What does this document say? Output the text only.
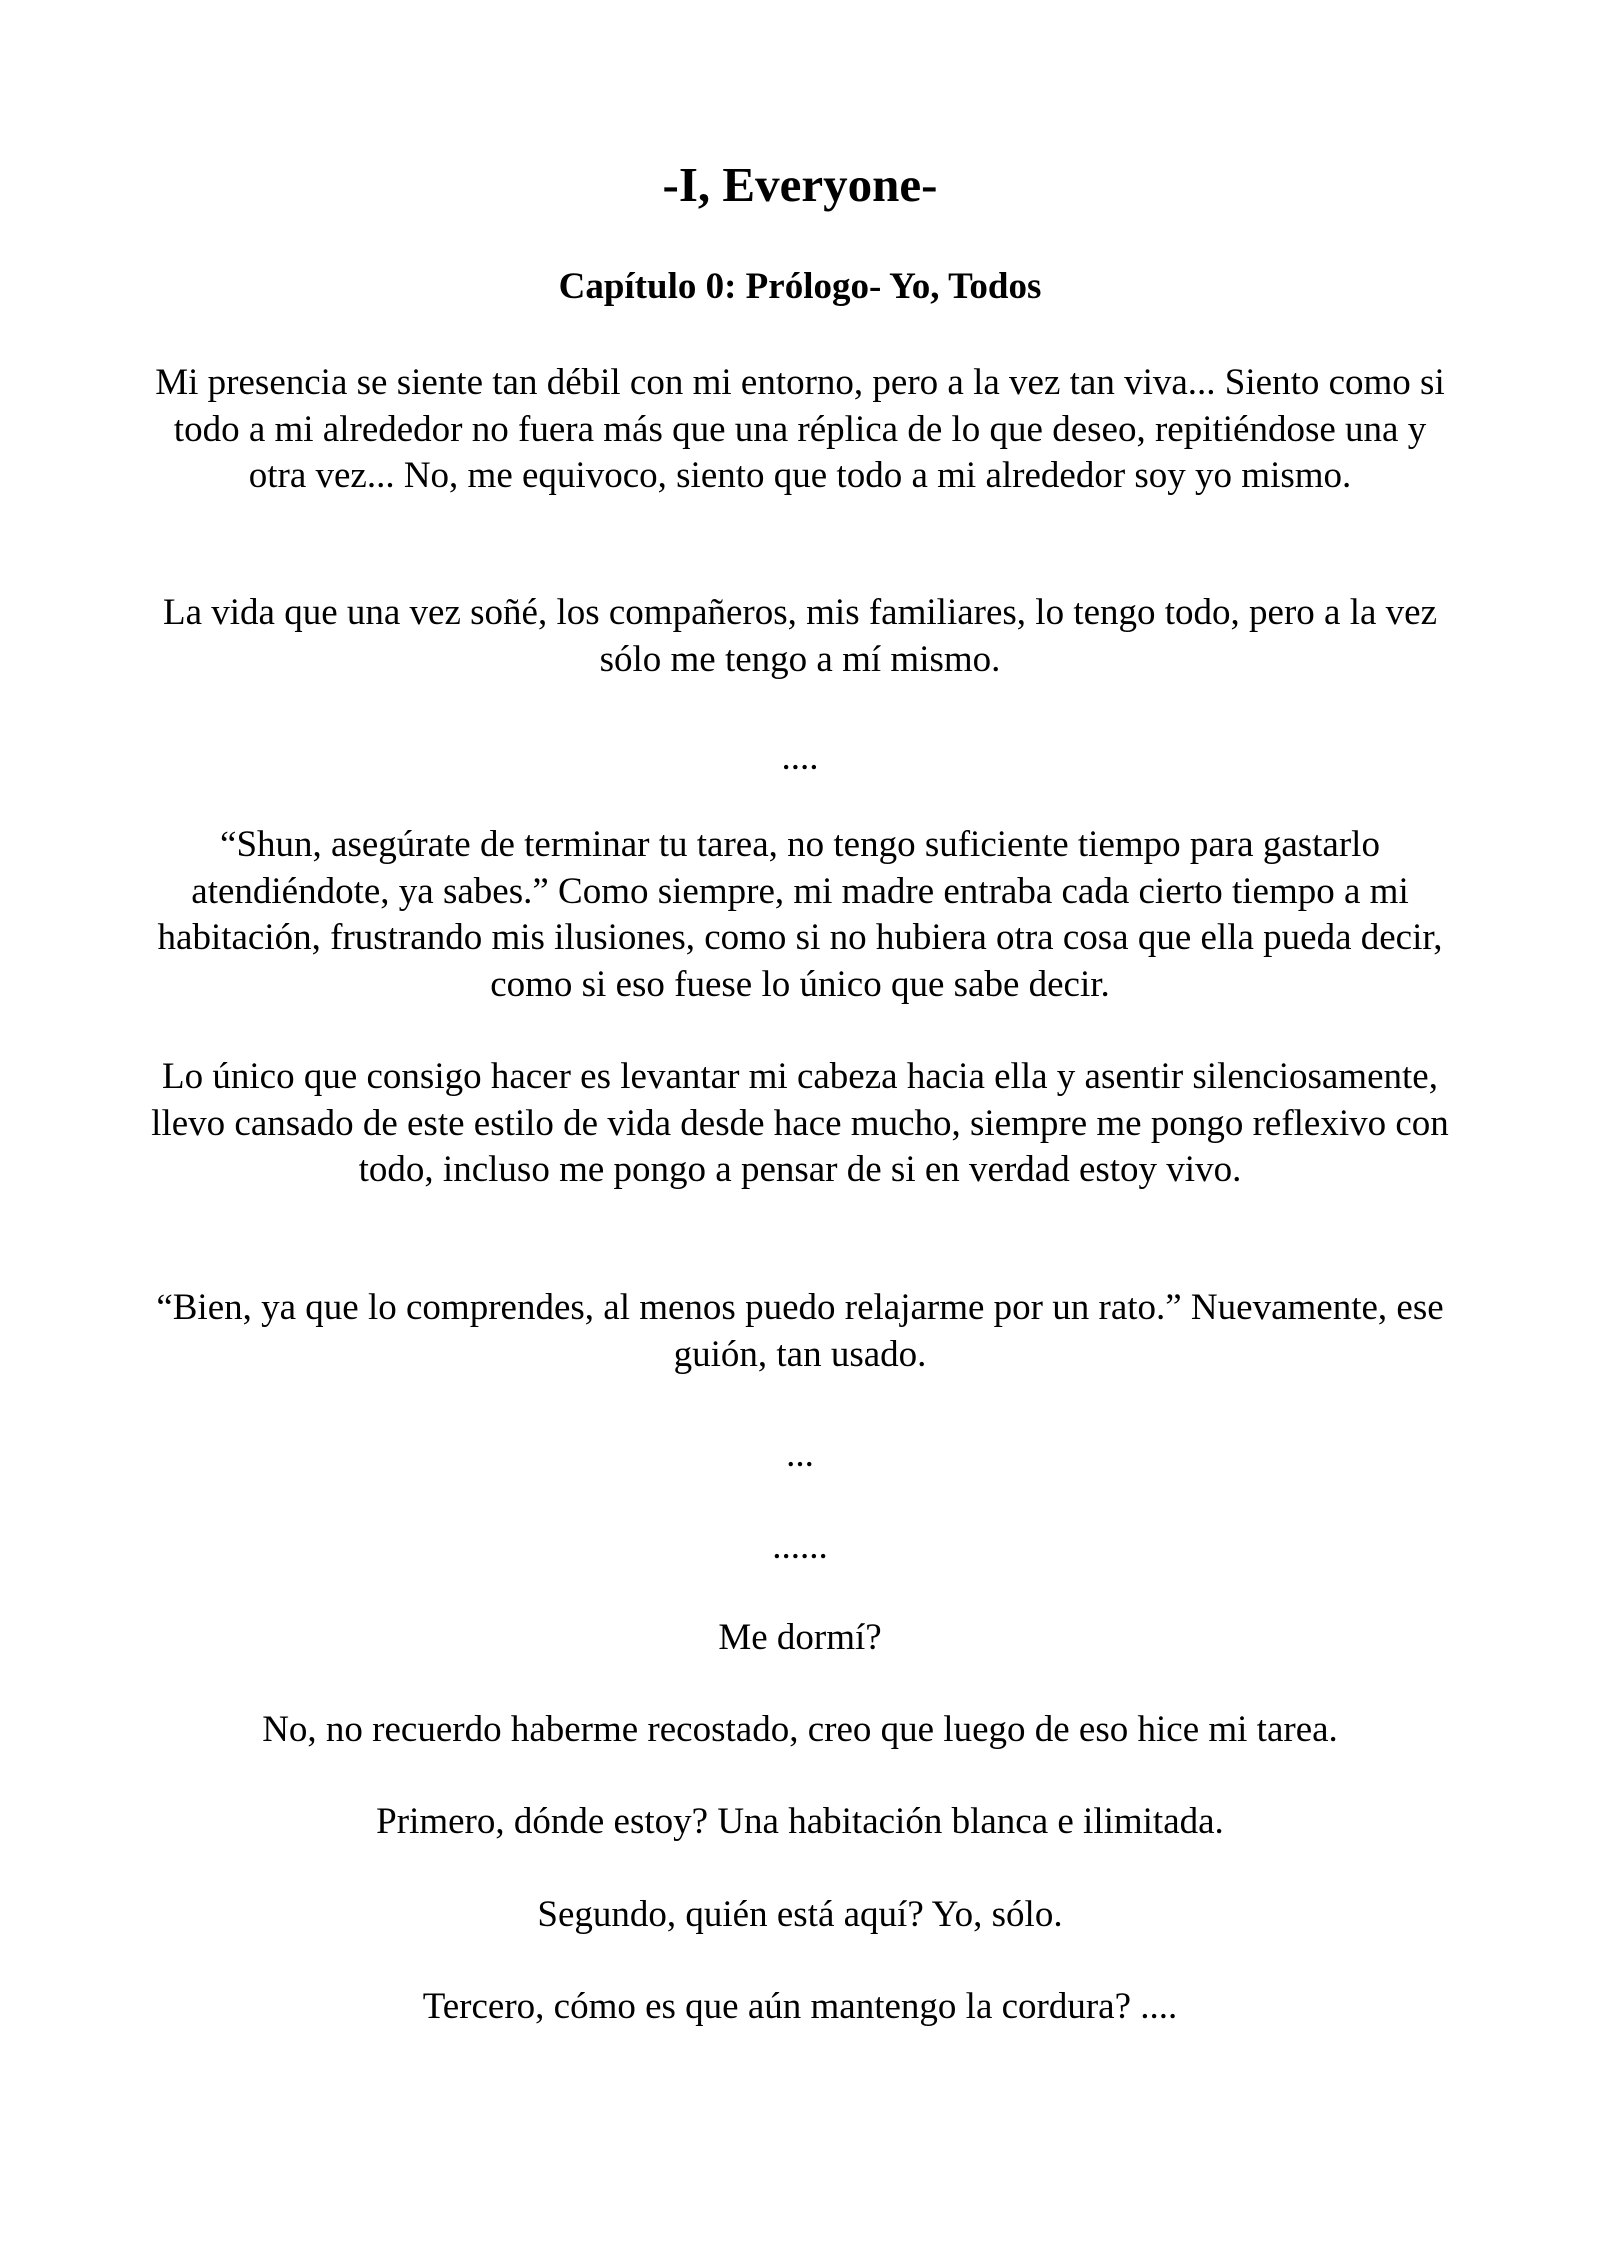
-I, Everyone-
Capítulo 0: Prólogo- Yo, Todos

Mi presencia se siente tan débil con mi entorno, pero a la vez tan viva... Siento como si todo a mi alrededor no fuera más que una réplica de lo que deseo, repitiéndose una y otra vez... No, me equivoco, siento que todo a mi alrededor soy yo mismo.

La vida que una vez soñé, los compañeros, mis familiares, lo tengo todo, pero a la vez sólo me tengo a mí mismo.

....

“Shun, asegúrate de terminar tu tarea, no tengo suficiente tiempo para gastarlo atendiéndote, ya sabes.” Como siempre, mi madre entraba cada cierto tiempo a mi habitación, frustrando mis ilusiones, como si no hubiera otra cosa que ella pueda decir, como si eso fuese lo único que sabe decir.

Lo único que consigo hacer es levantar mi cabeza hacia ella y asentir silenciosamente, llevo cansado de este estilo de vida desde hace mucho, siempre me pongo reflexivo con todo, incluso me pongo a pensar de si en verdad estoy vivo.

“Bien, ya que lo comprendes, al menos puedo relajarme por un rato.” Nuevamente, ese guión, tan usado.

...

......

Me dormí?

No, no recuerdo haberme recostado, creo que luego de eso hice mi tarea.

Primero, dónde estoy? Una habitación blanca e ilimitada.

Segundo, quién está aquí? Yo, sólo.

Tercero, cómo es que aún mantengo la cordura? ....
